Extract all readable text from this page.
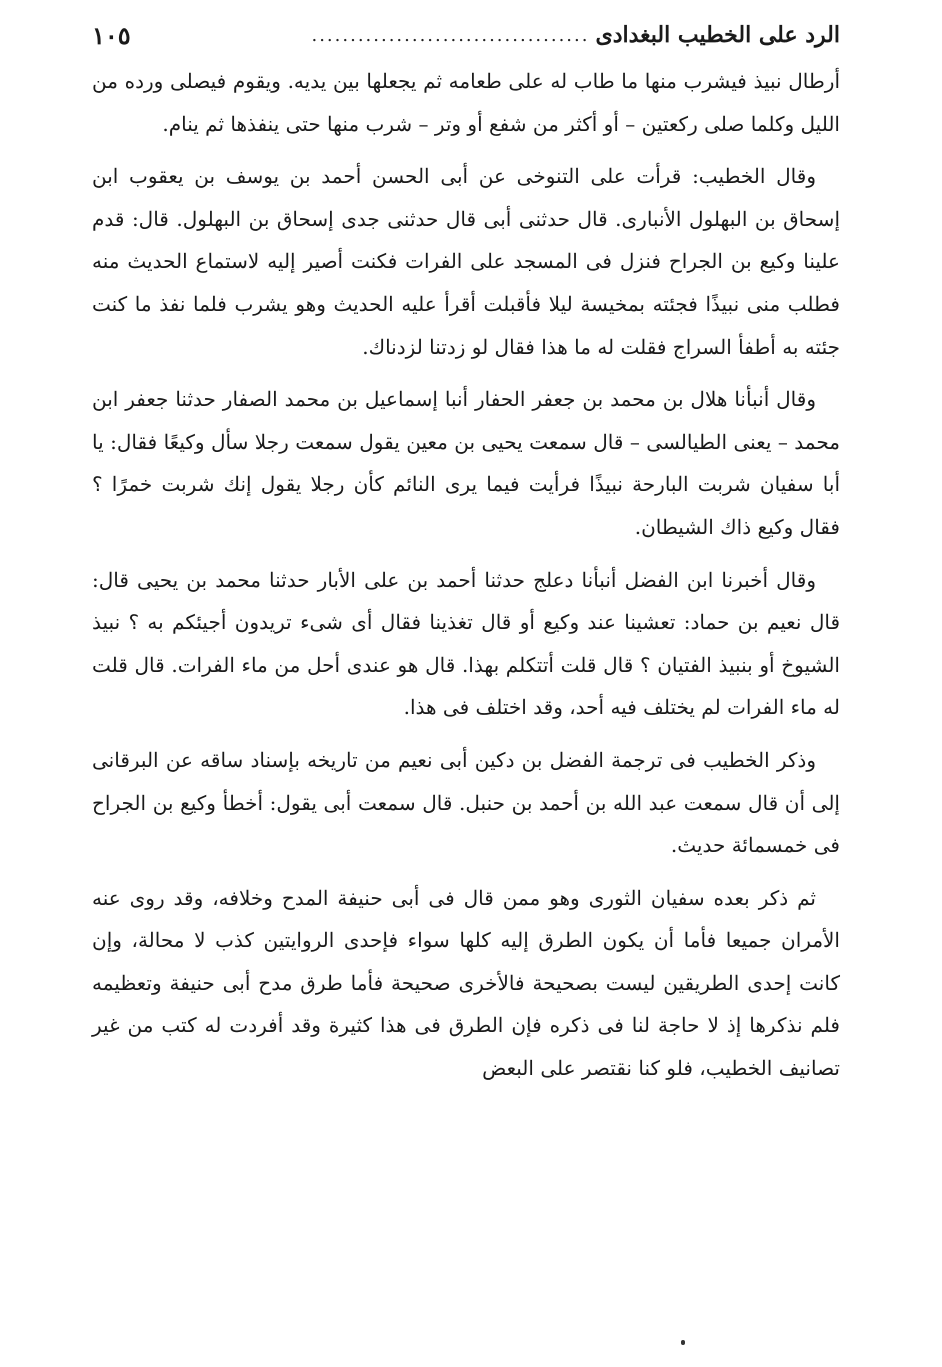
الرد على الخطيب البغدادى
....................................
١٠٥

أرطال نبيذ فيشرب منها ما طاب له على طعامه ثم يجعلها بين يديه. ويقوم فيصلى ورده من الليل وكلما صلى ركعتين – أو أكثر من شفع أو وتر – شرب منها حتى ينفذها ثم ينام.

وقال الخطيب: قرأت على التنوخى عن أبى الحسن أحمد بن يوسف بن يعقوب ابن إسحاق بن البهلول الأنبارى. قال حدثنى أبى قال حدثنى جدى إسحاق بن البهلول. قال: قدم علينا وكيع بن الجراح فنزل فى المسجد على الفرات فكنت أصير إليه لاستماع الحديث منه فطلب منى نبيذًا فجئته بمخيسة ليلا فأقبلت أقرأ عليه الحديث وهو يشرب فلما نفذ ما كنت جئته به أطفأ السراج فقلت له ما هذا فقال لو زدتنا لزدناك.

وقال أنبأنا هلال بن محمد بن جعفر الحفار أنبا إسماعيل بن محمد الصفار حدثنا جعفر ابن محمد – يعنى الطيالسى – قال سمعت يحيى بن معين يقول سمعت رجلا سأل وكيعًا فقال: يا أبا سفيان شربت البارحة نبيذًا فرأيت فيما يرى النائم كأن رجلا يقول إنك شربت خمرًا ؟ فقال وكيع ذاك الشيطان.

وقال أخبرنا ابن الفضل أنبأنا دعلج حدثنا أحمد بن على الأبار حدثنا محمد بن يحيى قال: قال نعيم بن حماد: تعشينا عند وكيع أو قال تغذينا فقال أى شىء تريدون أجيئكم به ؟ نبيذ الشيوخ أو بنبيذ الفتيان ؟ قال قلت أتتكلم بهذا. قال هو عندى أحل من ماء الفرات. قال قلت له ماء الفرات لم يختلف فيه أحد، وقد اختلف فى هذا.

وذكر الخطيب فى ترجمة الفضل بن دكين أبى نعيم من تاريخه بإسناد ساقه عن البرقانى إلى أن قال سمعت عبد الله بن أحمد بن حنبل. قال سمعت أبى يقول: أخطأ وكيع بن الجراح فى خمسمائة حديث.

ثم ذكر بعده سفيان الثورى وهو ممن قال فى أبى حنيفة المدح وخلافه، وقد روى عنه الأمران جميعا فأما أن يكون الطرق إليه كلها سواء فإحدى الروايتين كذب لا محالة، وإن كانت إحدى الطريقين ليست بصحيحة فالأخرى صحيحة فأما طرق مدح أبى حنيفة وتعظيمه فلم نذكرها إذ لا حاجة لنا فى ذكره فإن الطرق فى هذا كثيرة وقد أفردت له كتب من غير تصانيف الخطيب، فلو كنا نقتصر على البعض
